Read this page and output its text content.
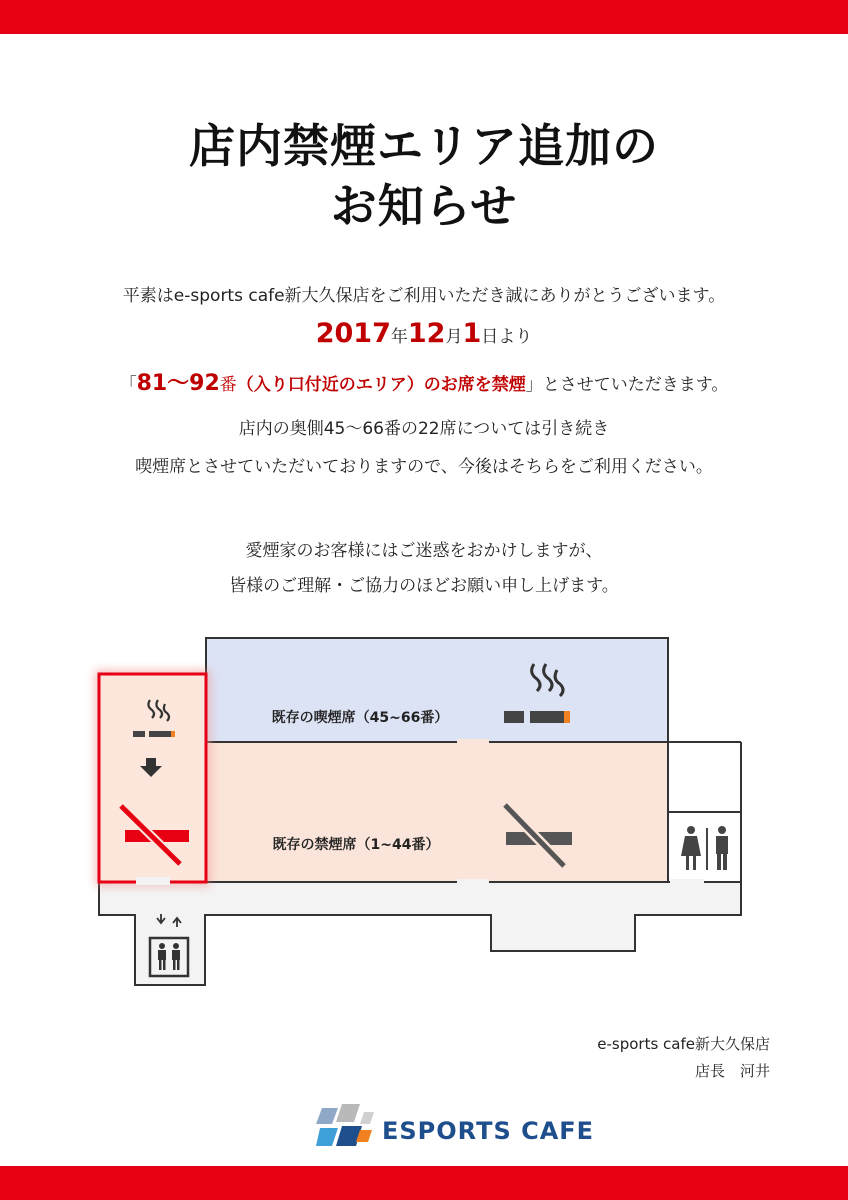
店内禁煙エリア追加の
お知らせ
平素はe-sports cafe新大久保店をご利用いただき誠にありがとうございます。
2017年12月1日より
「81〜92番（入り口付近のエリア）のお席を禁煙」とさせていただきます。
店内の奥側45〜66番の22席については引き続き
喫煙席とさせていただいておりますので、今後はそちらをご利用ください。
愛煙家のお客様にはご迷惑をおかけしますが、
皆様のご理解・ご協力のほどお願い申し上げます。
既存の喫煙席（45~66番）
既存の禁煙席（1~44番）
e-sports cafe新大久保店
店長　河井
ESPORTS CAFE
